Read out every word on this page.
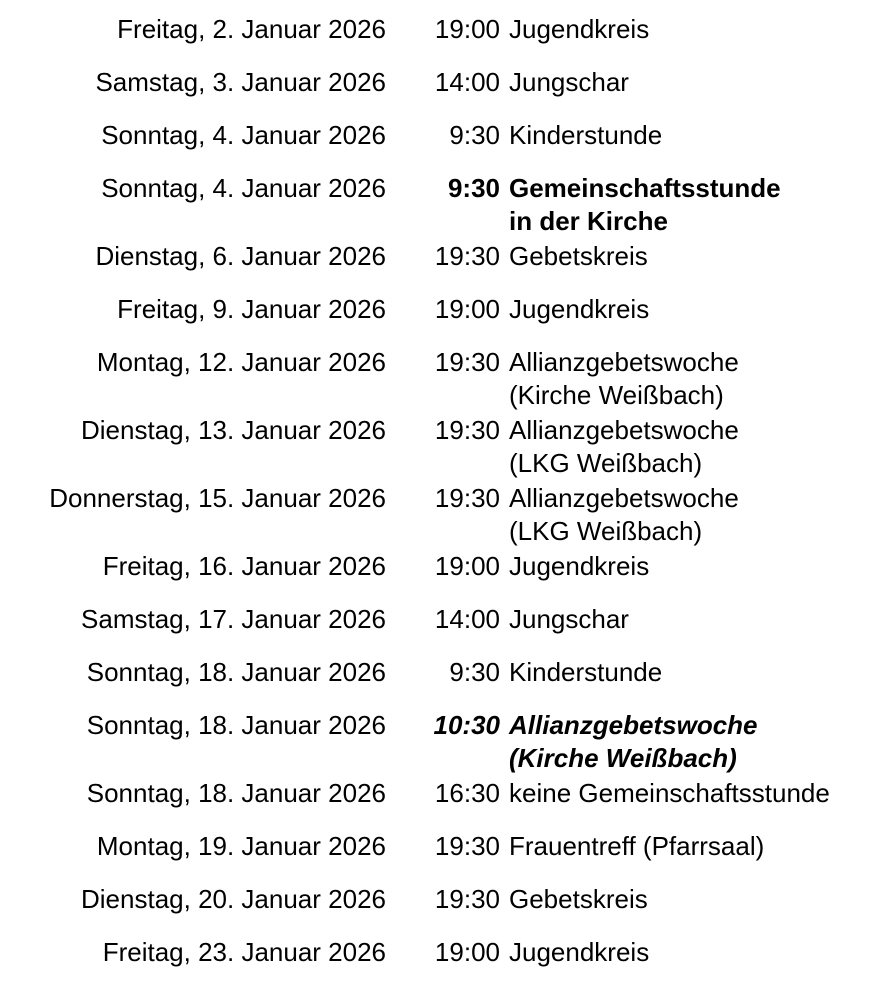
Freitag, 2. Januar 2026	19:00 Jugendkreis
Samstag, 3. Januar 2026	14:00 Jungschar
Sonntag, 4. Januar 2026	9:30 Kinderstunde
Sonntag, 4. Januar 2026	9:30 Gemeinschaftsstunde
in der Kirche
Dienstag, 6. Januar 2026	19:30 Gebetskreis
Freitag, 9. Januar 2026	19:00 Jugendkreis
Montag, 12. Januar 2026	19:30 Allianzgebetswoche
(Kirche Weißbach)
Dienstag, 13. Januar 2026	19:30 Allianzgebetswoche
(LKG Weißbach)
Donnerstag, 15. Januar 2026	19:30 Allianzgebetswoche
(LKG Weißbach)
Freitag, 16. Januar 2026	19:00 Jugendkreis
Samstag, 17. Januar 2026	14:00 Jungschar
Sonntag, 18. Januar 2026	9:30 Kinderstunde
Sonntag, 18. Januar 2026	10:30 Allianzgebetswoche
(Kirche Weißbach)
Sonntag, 18. Januar 2026	16:30 keine Gemeinschaftsstunde
Montag, 19. Januar 2026	19:30 Frauentreff (Pfarrsaal)
Dienstag, 20. Januar 2026	19:30 Gebetskreis
Freitag, 23. Januar 2026	19:00 Jugendkreis
